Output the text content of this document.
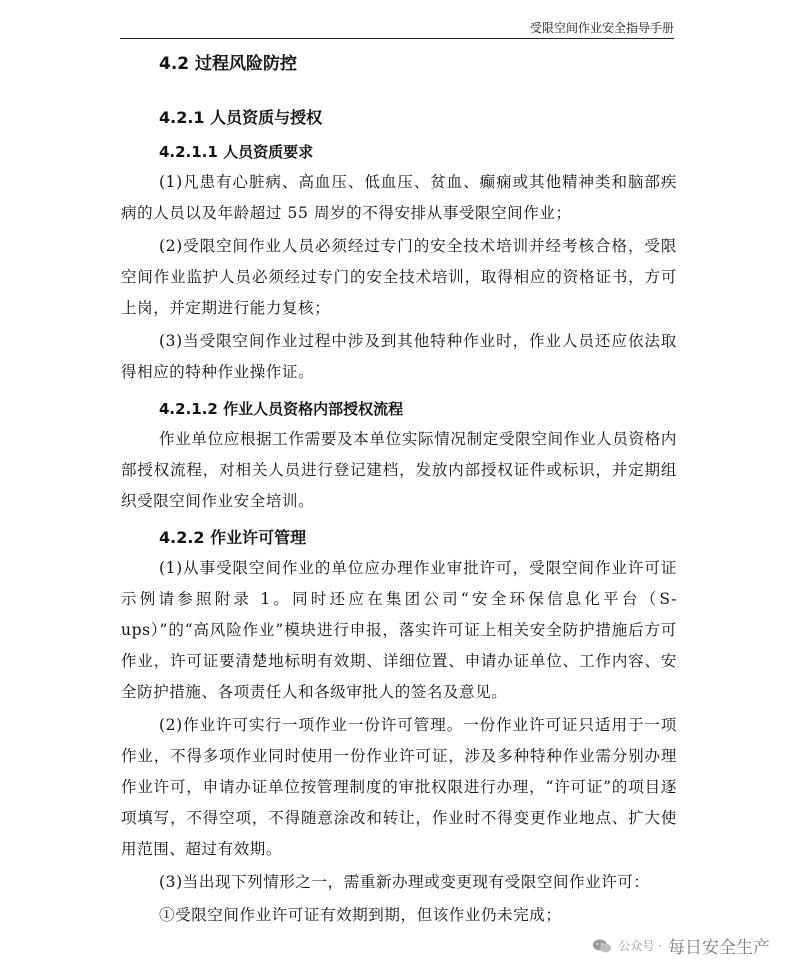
受限空间作业安全指导手册
4.2 过程风险防控
4.2.1 人员资质与授权
4.2.1.1 人员资质要求

(1)凡患有心脏病、高血压、低血压、贫血、癫痫或其他精神类和脑部疾病的人员以及年龄超过 55 周岁的不得安排从事受限空间作业；

(2)受限空间作业人员必须经过专门的安全技术培训并经考核合格，受限空间作业监护人员必须经过专门的安全技术培训，取得相应的资格证书，方可上岗，并定期进行能力复核；

(3)当受限空间作业过程中涉及到其他特种作业时，作业人员还应依法取得相应的特种作业操作证。

4.2.1.2 作业人员资格内部授权流程

作业单位应根据工作需要及本单位实际情况制定受限空间作业人员资格内部授权流程，对相关人员进行登记建档，发放内部授权证件或标识，并定期组织受限空间作业安全培训。

4.2.2 作业许可管理

(1)从事受限空间作业的单位应办理作业审批许可，受限空间作业许可证示例请参照附录 1。同时还应在集团公司“安全环保信息化平台（S-ups）”的“高风险作业”模块进行申报，落实许可证上相关安全防护措施后方可作业，许可证要清楚地标明有效期、详细位置、申请办证单位、工作内容、安全防护措施、各项责任人和各级审批人的签名及意见。

(2)作业许可实行一项作业一份许可管理。一份作业许可证只适用于一项作业，不得多项作业同时使用一份作业许可证，涉及多种特种作业需分别办理作业许可，申请办证单位按管理制度的审批权限进行办理，“许可证”的项目逐项填写，不得空项，不得随意涂改和转让，作业时不得变更作业地点、扩大使用范围、超过有效期。

(3)当出现下列情形之一，需重新办理或变更现有受限空间作业许可：

①受限空间作业许可证有效期到期，但该作业仍未完成；

公众号 · 每日安全生产
